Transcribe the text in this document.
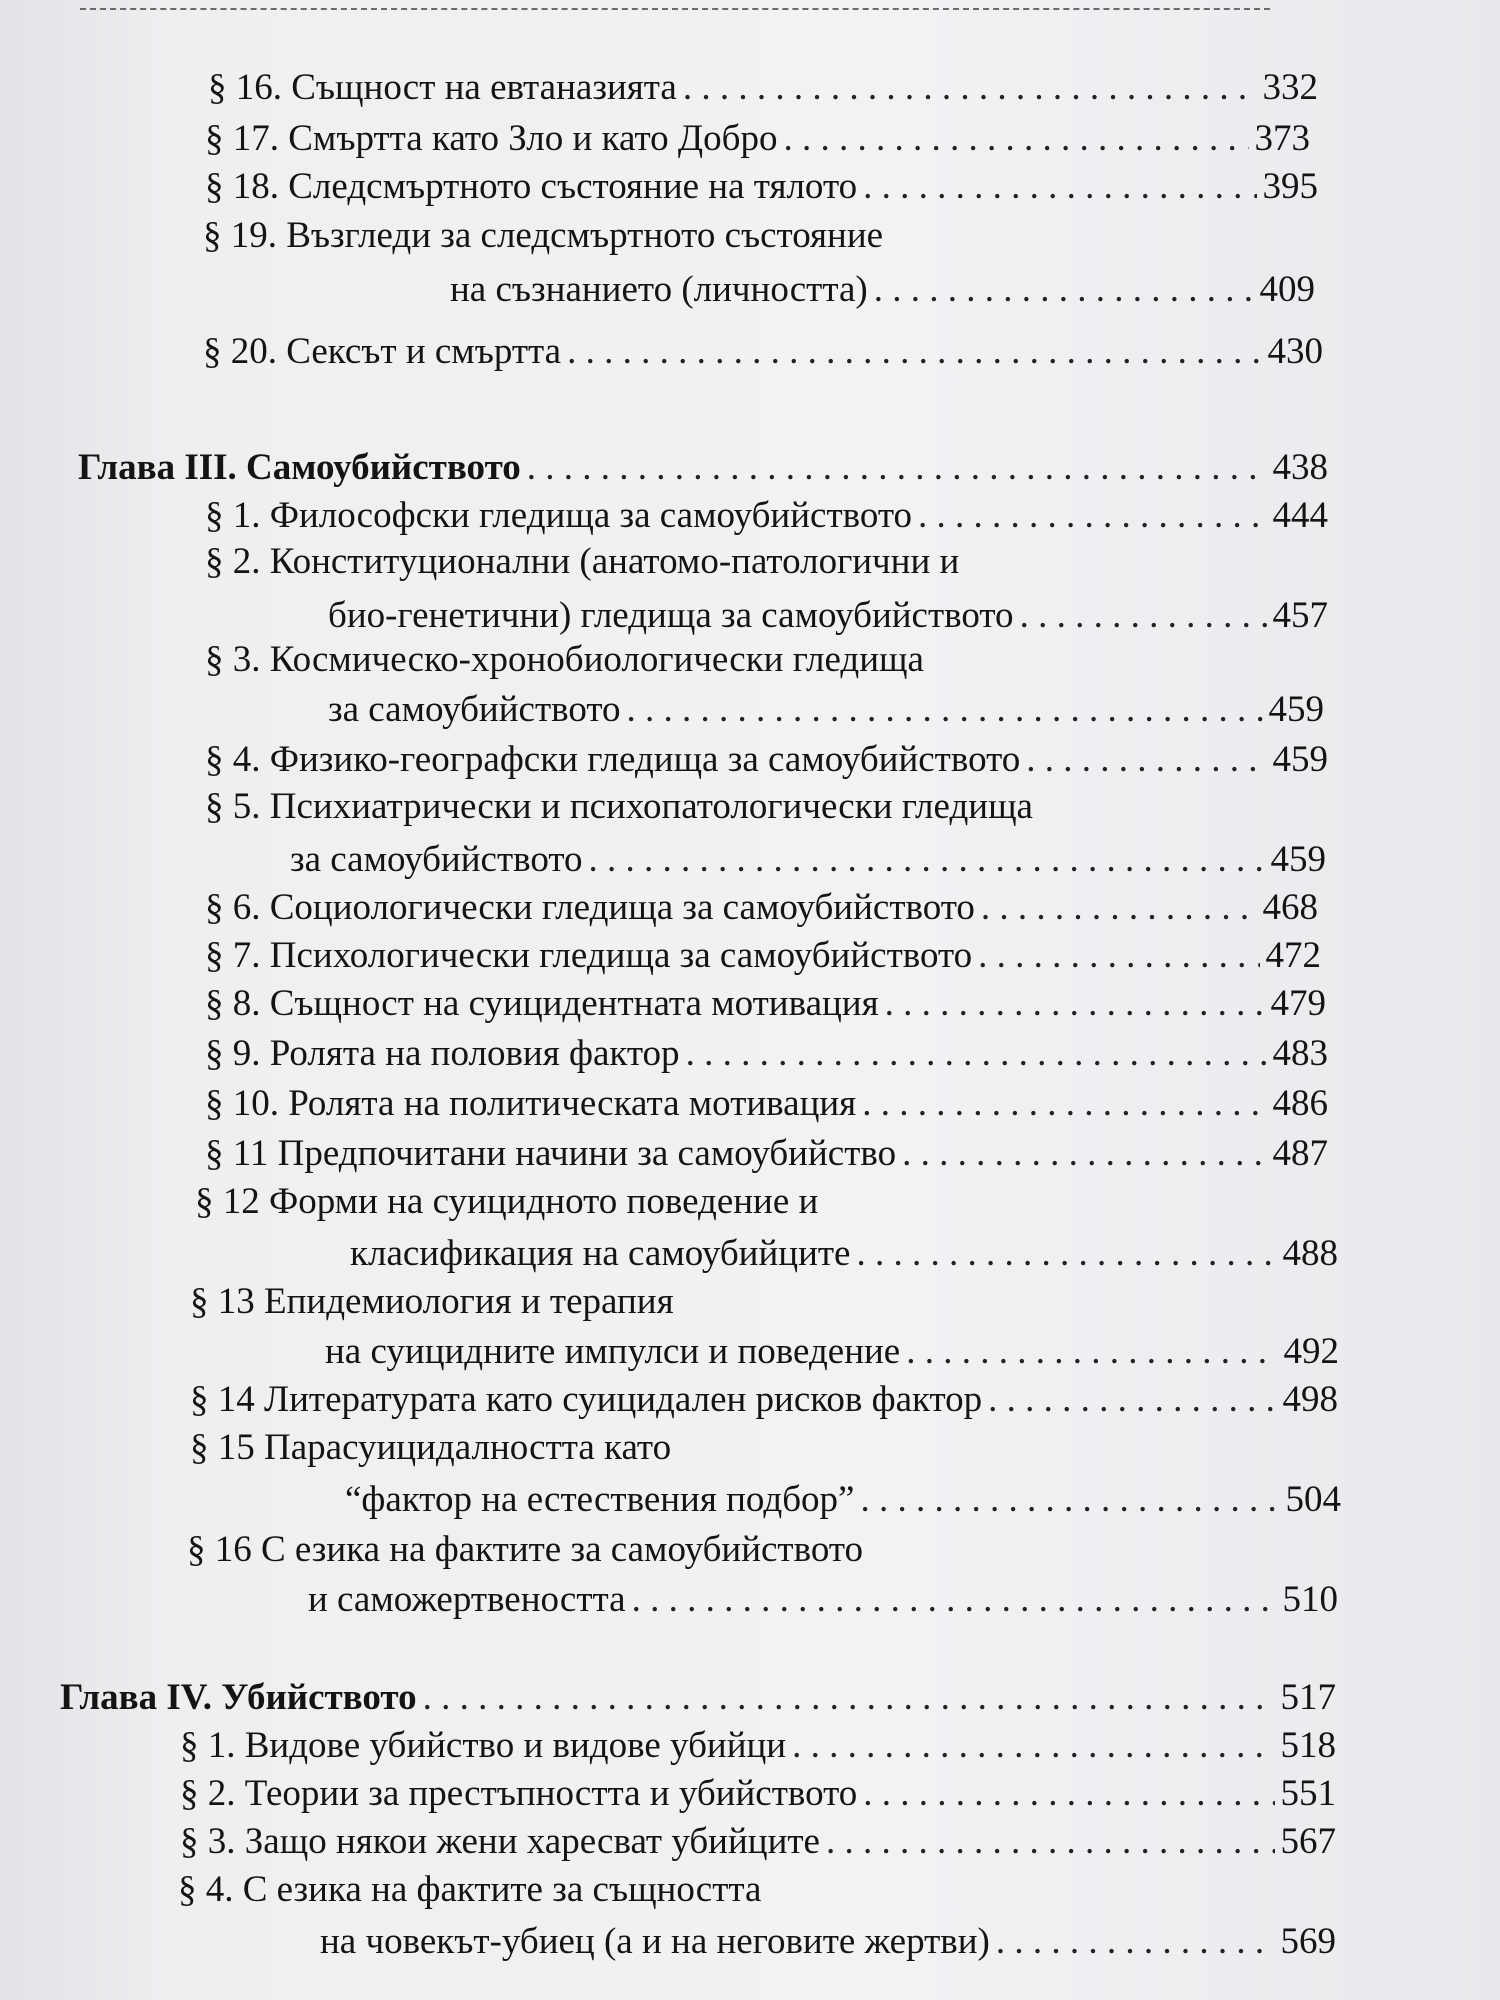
§ 16. Същност на евтаназията . . .	332
§ 17. Смъртта като Зло и като Добро . . .	373
§ 18. Следсмъртното състояние на тялото . . .	395
§ 19. Възгледи за следсмъртното състояние
на съзнанието (личността) . . .	409
§ 20. Сексът и смъртта . . .	430
Глава III. Самоубийството . . .	438
§ 1. Философски гледища за самоубийството . . .	444
§ 2. Конституционални (анатомо-патологични и
био-генетични) гледища за самоубийството . . .	457
§ 3. Космическо-хронобиологически гледища
за самоубийството . . .	459
§ 4. Физико-географски гледища за самоубийството . . .	459
§ 5. Психиатрически и психопатологически гледища
за самоубийството . . .	459
§ 6. Социологически гледища за самоубийството . . .	468
§ 7. Психологически гледища за самоубийството . . .	472
§ 8. Същност на суицидентната мотивация . . .	479
§ 9. Ролята на половия фактор . . .	483
§ 10. Ролята на политическата мотивация . . .	486
§ 11 Предпочитани начини за самоубийство . . .	487
§ 12 Форми на суицидното поведение и
класификация на самоубийците . . .	488
§ 13 Епидемиология и терапия
на суицидните импулси и поведение . . .	492
§ 14 Литературата като суицидален рисков фактор . . .	498
§ 15 Парасуицидалността като
“фактор на естествения подбор” . . .	504
§ 16 С езика на фактите за самоубийството
и саможертвеността . . .	510
Глава IV. Убийството . . .	517
§ 1. Видове убийство и видове убийци . . .	518
§ 2. Теории за престъпността и убийството . . .	551
§ 3. Защо някои жени харесват убийците . . .	567
§ 4. С езика на фактите за същността
на човекът-убиец (а и на неговите жертви) . . .	569
